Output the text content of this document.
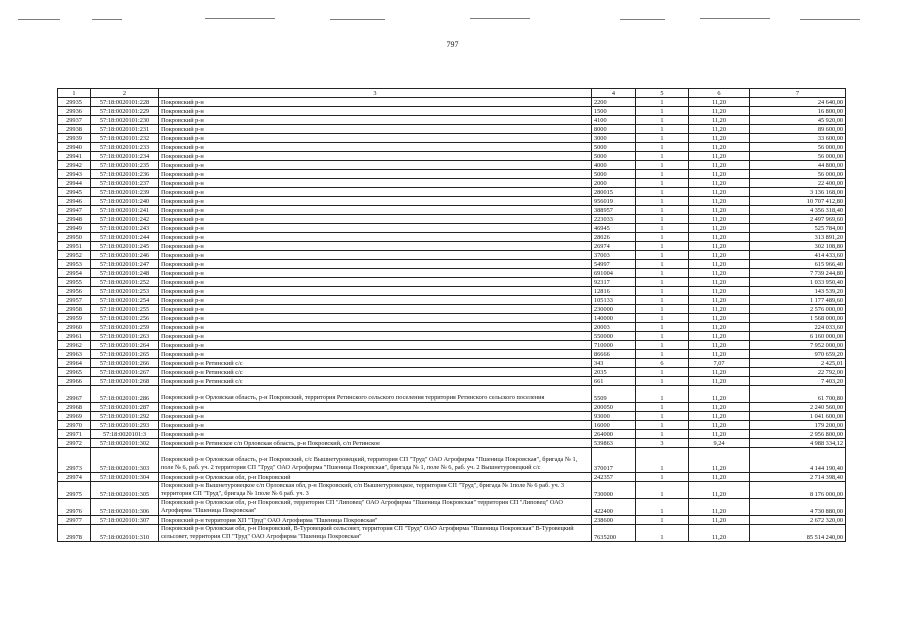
797
1	2	3	4	5	6	7
29935	57:18:0020101:228	Покровский р-н	2200	1	11,20	24 640,00
29936	57:18:0020101:229	Покровский р-н	1500	1	11,20	16 800,00
29937	57:18:0020101:230	Покровский р-н	4100	1	11,20	45 920,00
29938	57:18:0020101:231	Покровский р-н	8000	1	11,20	89 600,00
29939	57:18:0020101:232	Покровский р-н	3000	1	11,20	33 600,00
29940	57:18:0020101:233	Покровский р-н	5000	1	11,20	56 000,00
29941	57:18:0020101:234	Покровский р-н	5000	1	11,20	56 000,00
29942	57:18:0020101:235	Покровский р-н	4000	1	11,20	44 800,00
29943	57:18:0020101:236	Покровский р-н	5000	1	11,20	56 000,00
29944	57:18:0020101:237	Покровский р-н	2000	1	11,20	22 400,00
29945	57:18:0020101:239	Покровский р-н	280015	1	11,20	3 136 168,00
29946	57:18:0020101:240	Покровский р-н	956019	1	11,20	10 707 412,80
29947	57:18:0020101:241	Покровский р-н	388957	1	11,20	4 356 318,40
29948	57:18:0020101:242	Покровский р-н	223033	1	11,20	2 497 969,60
29949	57:18:0020101:243	Покровский р-н	46945	1	11,20	525 784,00
29950	57:18:0020101:244	Покровский р-н	28026	1	11,20	313 891,20
29951	57:18:0020101:245	Покровский р-н	26974	1	11,20	302 108,80
29952	57:18:0020101:246	Покровский р-н	37003	1	11,20	414 433,60
29953	57:18:0020101:247	Покровский р-н	54997	1	11,20	615 966,40
29954	57:18:0020101:248	Покровский р-н	691004	1	11,20	7 739 244,80
29955	57:18:0020101:252	Покровский р-н	92317	1	11,20	1 033 950,40
29956	57:18:0020101:253	Покровский р-н	12816	1	11,20	143 539,20
29957	57:18:0020101:254	Покровский р-н	105133	1	11,20	1 177 489,60
29958	57:18:0020101:255	Покровский р-н	230000	1	11,20	2 576 000,00
29959	57:18:0020101:256	Покровский р-н	140000	1	11,20	1 568 000,00
29960	57:18:0020101:259	Покровский р-н	20003	1	11,20	224 033,60
29961	57:18:0020101:263	Покровский р-н	550000	1	11,20	6 160 000,00
29962	57:18:0020101:264	Покровский р-н	710000	1	11,20	7 952 000,00
29963	57:18:0020101:265	Покровский р-н	86666	1	11,20	970 659,20
29964	57:18:0020101:266	Покровский р-н Ретинский с/с	343	6	7,07	2 425,01
29965	57:18:0020101:267	Покровский р-н Ретинский с/с	2035	1	11,20	22 792,00
29966	57:18:0020101:268	Покровский р-н Ретинский с/с	661	1	11,20	7 403,20
29967	57:18:0020101:286	Покровский р-н Орловская область, р-н Покровский, территория Ретинского сельского поселения территория Ретинского сельского поселения	5509	1	11,20	61 700,80
29968	57:18:0020101:287	Покровский р-н	200050	1	11,20	2 240 560,00
29969	57:18:0020101:292	Покровский р-н	93000	1	11,20	1 041 600,00
29970	57:18:0020101:293	Покровский р-н	16000	1	11,20	179 200,00
29971	57:18:0020101:3	Покровский р-н	264000	1	11,20	2 956 800,00
29972	57:18:0020101:302	Покровский р-н Ретинское с/п Орловская область, р-н Покровский, с/п Ретинское	539863	3	9,24	4 988 334,12
29973	57:18:0020101:303	Покровский р-н Орловская область, р-н Покровский, с/с Вышнетуровецкий, территория СП "Труд" ОАО Агрофирма "Пшеница Покровская", бригада № 1, поле № 6, раб. уч. 2 территория СП "Труд" ОАО Агрофирма "Пшеница Покровская", бригада № 1, поле № 6, раб. уч. 2 Вышнетуровецкий с/с	370017	1	11,20	4 144 190,40
29974	57:18:0020101:304	Покровский р-н Орловская обл, р-н Покровский	242357	1	11,20	2 714 398,40
29975	57:18:0020101:305	Покровский р-н Вышнетуровецкое с/п Орловская обл, р-н Покровский, с/п Вышнетуровецкое, территория СП "Труд", бригада № 1поле № 6 раб. уч. 3 территория СП "Труд", бригада № 1поле № 6 раб. уч. 3	730000	1	11,20	8 176 000,00
29976	57:18:0020101:306	Покровский р-н Орловская обл, р-н Покровский, территория СП "Липовец" ОАО Агрофирма "Пшеница Покровская" территория СП "Липовец" ОАО Агрофирма "Пшеница Покровская"	422400	1	11,20	4 730 880,00
29977	57:18:0020101:307	Покровский р-н территория ХП "Труд" ОАО Агрофирма "Пшеница Покровская"	238600	1	11,20	2 672 320,00
29978	57:18:0020101:310	Покровский р-н Орловская обл, р-н Покровский, В-Туровецкий сельсовет, территория СП "Труд" ОАО Агрофирма "Пшеница Покровская" В-Туровецкий сельсовет, территория СП "Труд" ОАО Агрофирма "Пшеница Покровская"	7635200	1	11,20	85 514 240,00
